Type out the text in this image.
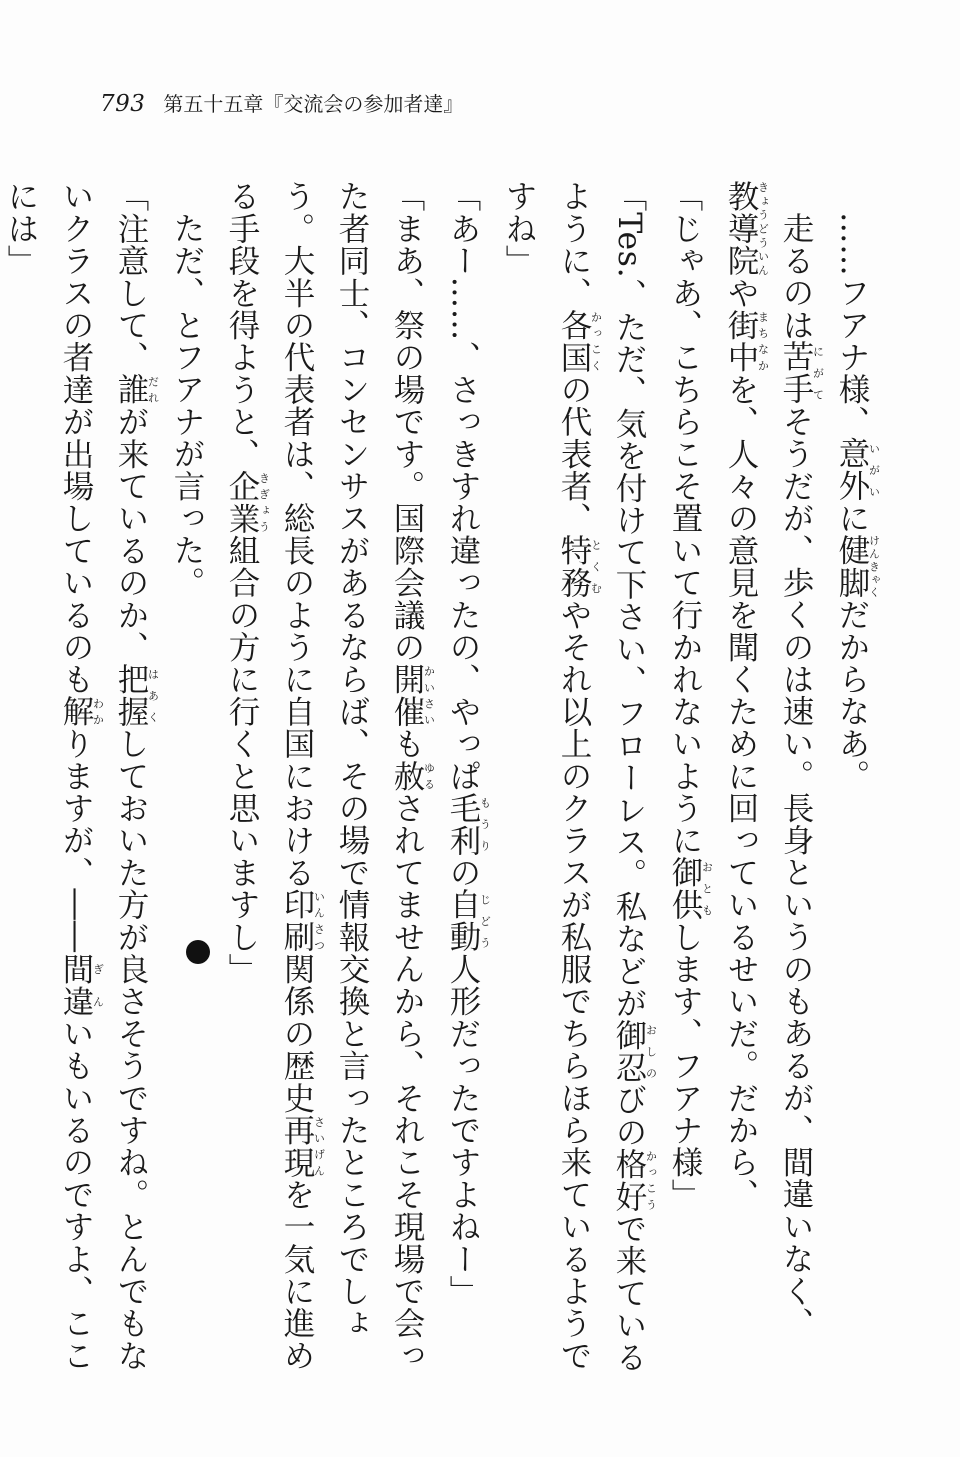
793 第五十五章『交流会の参加者達』

……フアナ様、意外いがいに健脚けんきゃくだからなあ。

走るのは苦手にがてそうだが、歩くのは速い。長身というのもあるが、間違いなく、教導院きょうどういんや街まち中なかを、人々の意見を聞くために回っているせいだ。だから、

「じゃあ、こちらこそ置いて行かれないように御供おともします、フアナ様」

「Tes.、ただ、気を付けて下さい、フローレス。私などが御忍おしのびの格好かっこうで来ているように、各国かっこくの代表者、特務とくむやそれ以上のクラスが私服でちらほら来ているようですね」

「あー……、さっきすれ違ったの、やっぱ毛利もうりの自動じどう人形だったですよねー」

「まあ、祭の場です。国際会議の開催かいさいも赦ゆるされてませんから、それこそ現場で会った者同士、コンセンサスがあるならば、その場で情報交換と言ったところでしょう。大半の代表者は、総長のように自国における印刷いんさつ関係の歴史再現さいげんを一気に進める手段を得ようと、企業きぎょう組合の方に行くと思いますし」

ただ、とフアナが言った。

「注意して、誰だれが来ているのか、把握はあくしておいた方が良さそうですね。とんでもないクラスの者達が出場しているのも解わかりますが、――間違ぎんいもいるのですよ、ここには」
